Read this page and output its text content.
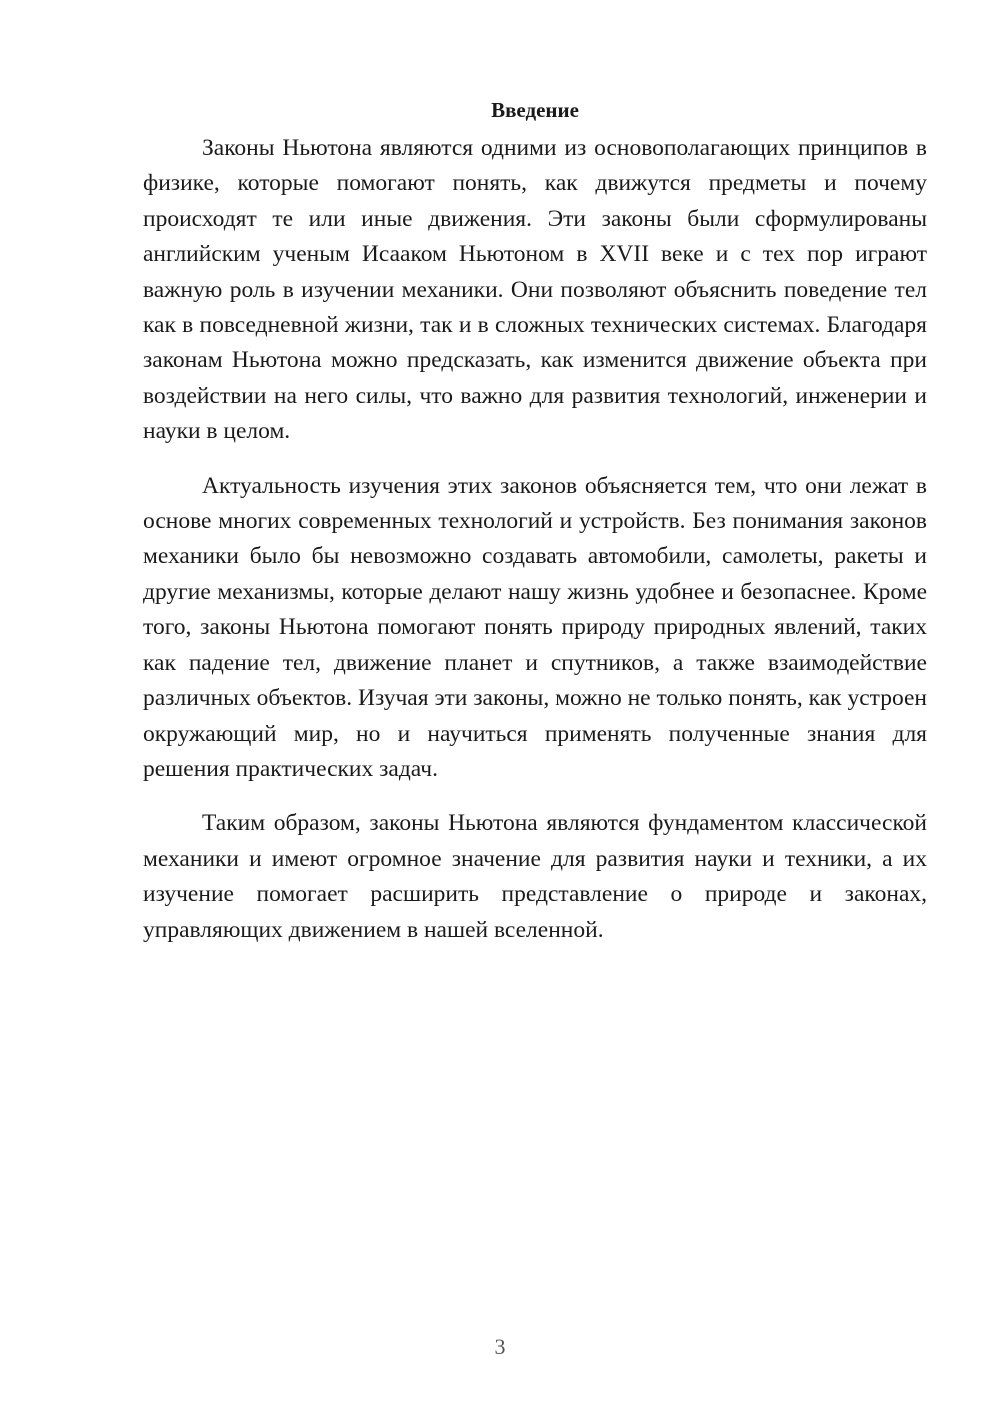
Введение

Законы Ньютона являются одними из основополагающих принципов в физике, которые помогают понять, как движутся предметы и почему происходят те или иные движения. Эти законы были сформулированы английским ученым Исааком Ньютоном в XVII веке и с тех пор играют важную роль в изучении механики. Они позволяют объяснить поведение тел как в повседневной жизни, так и в сложных технических системах. Благодаря законам Ньютона можно предсказать, как изменится движение объекта при воздействии на него силы, что важно для развития технологий, инженерии и науки в целом.

Актуальность изучения этих законов объясняется тем, что они лежат в основе многих современных технологий и устройств. Без понимания законов механики было бы невозможно создавать автомобили, самолеты, ракеты и другие механизмы, которые делают нашу жизнь удобнее и безопаснее. Кроме того, законы Ньютона помогают понять природу природных явлений, таких как падение тел, движение планет и спутников, а также взаимодействие различных объектов. Изучая эти законы, можно не только понять, как устроен окружающий мир, но и научиться применять полученные знания для решения практических задач.

Таким образом, законы Ньютона являются фундаментом классической механики и имеют огромное значение для развития науки и техники, а их изучение помогает расширить представление о природе и законах, управляющих движением в нашей вселенной.

3
